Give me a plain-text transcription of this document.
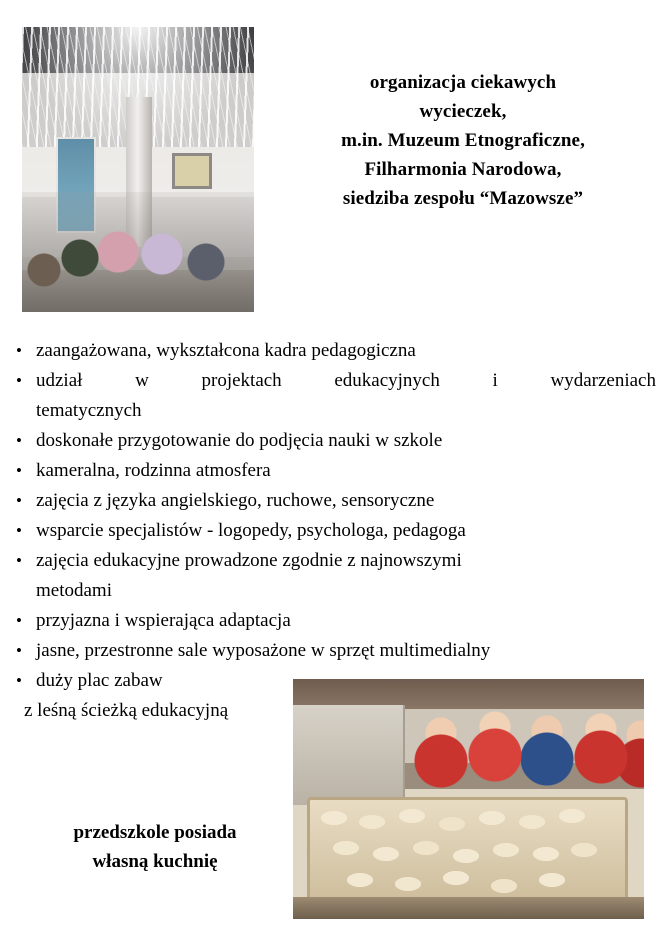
organizacja ciekawych
wycieczek,
m.in. Muzeum Etnograficzne,
Filharmonia Narodowa,
siedziba zespołu “Mazowsze”
• zaangażowana, wykształcona kadra pedagogiczna
• udział w projektach edukacyjnych i wydarzeniach
tematycznych
• doskonałe przygotowanie do podjęcia nauki w szkole
• kameralna, rodzinna atmosfera
• zajęcia z języka angielskiego, ruchowe, sensoryczne
• wsparcie specjalistów - logopedy, psychologa, pedagoga
• zajęcia edukacyjne prowadzone zgodnie z najnowszymi
metodami
• przyjazna i wspierająca adaptacja
• jasne, przestronne sale wyposażone w sprzęt multimedialny
• duży plac zabaw
z leśną ścieżką edukacyjną
przedszkole posiada
własną kuchnię
